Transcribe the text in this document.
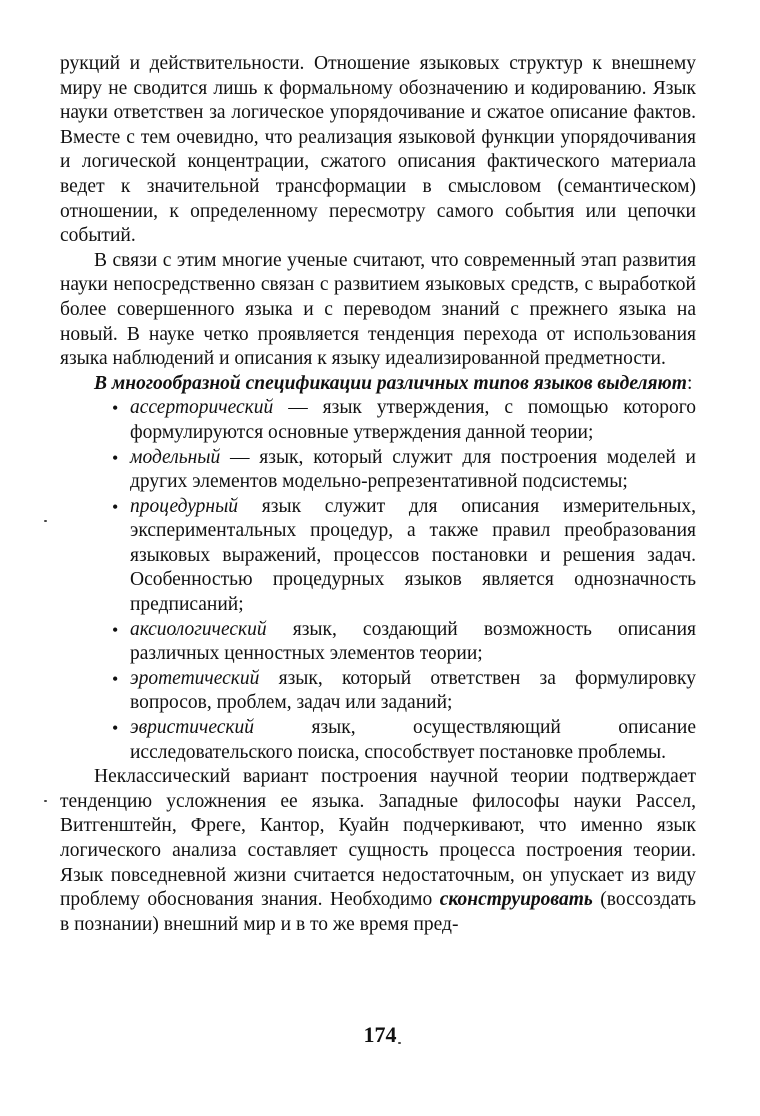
рукций и действительности. Отношение языковых структур к внешнему миру не сводится лишь к формальному обозначению и кодированию. Язык науки ответствен за логическое упорядочивание и сжатое описание фактов. Вместе с тем очевидно, что реализация языковой функции упорядочивания и логической концентрации, сжатого описания фактического материала ведет к значительной трансформации в смысловом (семантическом) отношении, к определенному пересмотру самого события или цепочки событий.

В связи с этим многие ученые считают, что современный этап развития науки непосредственно связан с развитием языковых средств, с выработкой более совершенного языка и с переводом знаний с прежнего языка на новый. В науке четко проявляется тенденция перехода от использования языка наблюдений и описания к языку идеализированной предметности.

В многообразной спецификации различных типов языков выделяют:

• ассерторический — язык утверждения, с помощью которого формулируются основные утверждения данной теории;
• модельный — язык, который служит для построения моделей и других элементов модельно-репрезентативной подсистемы;
• процедурный язык служит для описания измерительных, экспериментальных процедур, а также правил преобразования языковых выражений, процессов постановки и решения задач. Особенностью процедурных языков является однозначность предписаний;
• аксиологический язык, создающий возможность описания различных ценностных элементов теории;
• эротетический язык, который ответствен за формулировку вопросов, проблем, задач или заданий;
• эвристический язык, осуществляющий описание исследовательского поиска, способствует постановке проблемы.

Неклассический вариант построения научной теории подтверждает тенденцию усложнения ее языка. Западные философы науки Рассел, Витгенштейн, Фреге, Кантор, Куайн подчеркивают, что именно язык логического анализа составляет сущность процесса построения теории. Язык повседневной жизни считается недостаточным, он упускает из виду проблему обоснования знания. Необходимо сконструировать (воссоздать в познании) внешний мир и в то же время пред-

174
